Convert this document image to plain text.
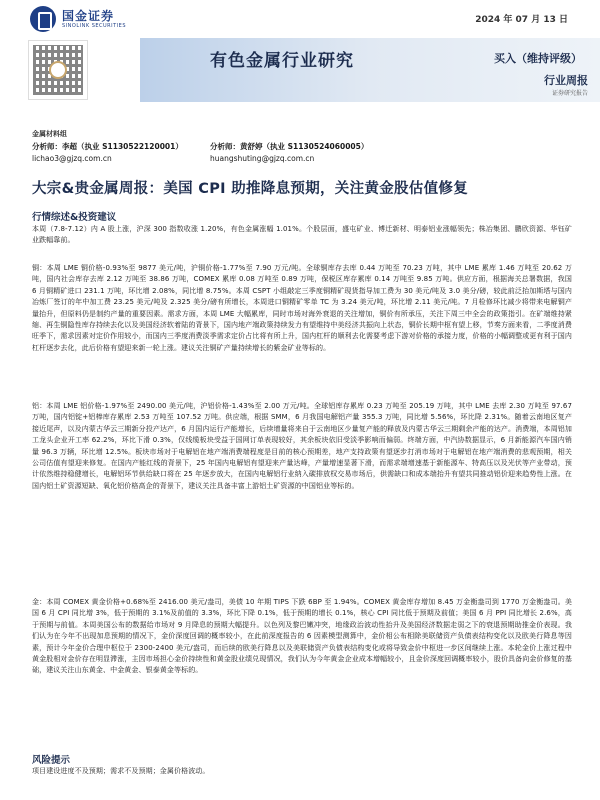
国金证券
SINOLINK SECURITIES
2024 年 07 月 13 日
有色金属行业研究	买入（维持评级）
行业周报
证券研究报告
金属材料组
分析师：李超（执业 S1130522120001）
lichao3@gjzq.com.cn
分析师：黄舒婷（执业 S1130524060005）
huangshuting@gjzq.com.cn
大宗&贵金属周报：美国 CPI 助推降息预期，关注黄金股估值修复
行情综述&投资建议

本周（7.8-7.12）内 A 股上涨，沪深 300 指数收涨 1.20%，有色金属涨幅 1.01%。个股层面，盛屯矿业、博迁新材、明泰铝业涨幅领先；株冶集团、鹏欣资源、华钰矿业跌幅靠前。

铜：本周 LME 铜价格-0.93%至 9877 美元/吨，沪铜价格-1.77%至 7.90 万元/吨。全球铜库存去库 0.44 万吨至 70.23 万吨，其中 LME 累库 1.46 万吨至 20.62 万吨，国内社会库存去库 2.12 万吨至 38.86 万吨，COMEX 累库 0.08 万吨至 0.89 万吨，保税区库存累库 0.14 万吨至 9.85 万吨。供应方面，根据海关总署数据，我国 6 月铜精矿进口 231.1 万吨，环比增 2.08%，同比增 8.75%。本周 CSPT 小组敲定三季度铜精矿现货指导加工费为 30 美元/吨及 3.0 美分/磅，较此前泛抬加斯塔与国内冶炼厂签订的年中加工费 23.25 美元/吨及 2.325 美分/磅有所增长，本周进口铜精矿零单 TC 为 3.24 美元/吨，环比增 2.11 美元/吨。7 月检修环比减少将带来电解铜产量抬升，但原料仍是制约产量的重要因素。需求方面，本周 LME 大幅累库，同时市场对海外衰退的关注增加，铜价有所承压，关注下周三中全会的政策指引。在矿端维持紧缩、再生铜隐性库存持续去化以及美国经济软着陆的背景下，国内地产端政策持续发力有望维持中美经济共振向上状态，铜价长期中枢有望上移，节奏方面来看，二季度消费旺季下，需求因素对定价作用较小，而国内三季度消费淡季需求定价占比将有所上升，国内杠杆的顺利去化需要考虑下游对价格的承接力度，价格的小幅调整或更有利于国内杠杆逐步去化，此后价格有望迎来新一轮上涨。建议关注铜矿产量持续增长的紫金矿业等标的。

铝：本周 LME 铝价格-1.97%至 2490.00 美元/吨，沪铝价格-1.43%至 2.00 万元/吨。全球铝库存累库 0.23 万吨至 205.19 万吨，其中 LME 去库 2.30 万吨至 97.67 万吨，国内铝锭+铝棒库存累库 2.53 万吨至 107.52 万吨。供应端，根据 SMM，6 月我国电解铝产量 355.3 万吨，同比增 5.56%，环比降 2.31%。随着云南地区复产接近尾声，以及内蒙古华云三期新分投产达产，6 月国内运行产能增长，后续增量将来自于云南地区少量复产能的释放及内蒙古华云三期剩余产能的达产。消费端，本周铝加工龙头企业开工率 62.2%，环比下滑 0.3%，仅线缆板块受益于国网订单表现较好，其余板块依旧受淡季影响而偏弱。终端方面，中汽协数据显示，6 月新能源汽车国内销量 96.3 万辆，环比增 12.5%。板块市场对于电解铝在地产端消费端程度是目前的核心预期差，地产支持政策有望逐步打消市场对于电解铝在地产端消费的悲观预期，相关公司估值有望迎来修复。在国内产能红线的背景下，25 年国内电解铝有望迎来产量达峰，产量增速显著下滑，而需求端增速基于新能源车、特高压以及光伏等产业带动，预计依然维持稳健增长，电解铝环节供给缺口将在 25 年逐步放大，在国内电解铝行业纳入碳排放权交易市场后，供需缺口和成本端抬升有望共同推动铝价迎来趋势性上涨。在国内铝土矿资源短缺、氧化铝价格高企的背景下，建议关注具备丰富上游铝土矿资源的中国铝业等标的。

金：本周 COMEX 黄金价格+0.68%至 2416.00 美元/盎司，美债 10 年期 TIPS 下跌 6BP 至 1.94%。COMEX 黄金库存增加 8.45 万金衡盎司到 1770 万金衡盎司。美国 6 月 CPI 同比增 3%，低于预期的 3.1%及前值的 3.3%，环比下降 0.1%，低于预期的增长 0.1%，核心 CPI 同比低于预期及前值；美国 6 月 PPI 同比增长 2.6%，高于预期与前值。本周美国公布的数据给市场对 9 月降息的预期大幅提升。以色列及黎巴嫩冲突，地缘政治波动性抬升及美国经济数据走弱之下的衰退预期助推金价表现。我们认为在今年不出现加息预期的情况下，金价深度回调的概率较小，在此前深度报告的 6 因素模型测算中，金价相公布相除美联储资产负债表结构变化以及欧美行降息等因素，预计今年金价合理中枢位于 2300-2400 美元/盎司，而后续的欧美行降息以及美联储资产负债表结构变化或将导致金价中枢进一步区间继续上涨。本轮金价上涨过程中黄金股相对金价存在明显滞涨，主因市场担心金价持续性和黄金股业绩兑现情况，我们认为今年黄金企业成本增幅较小，且金价深度回调概率较小，股价具备向金价修复的基础，建议关注山东黄金、中金黄金、银泰黄金等标的。

风险提示

项目建设进度不及预期；需求不及预期；金属价格波动。
